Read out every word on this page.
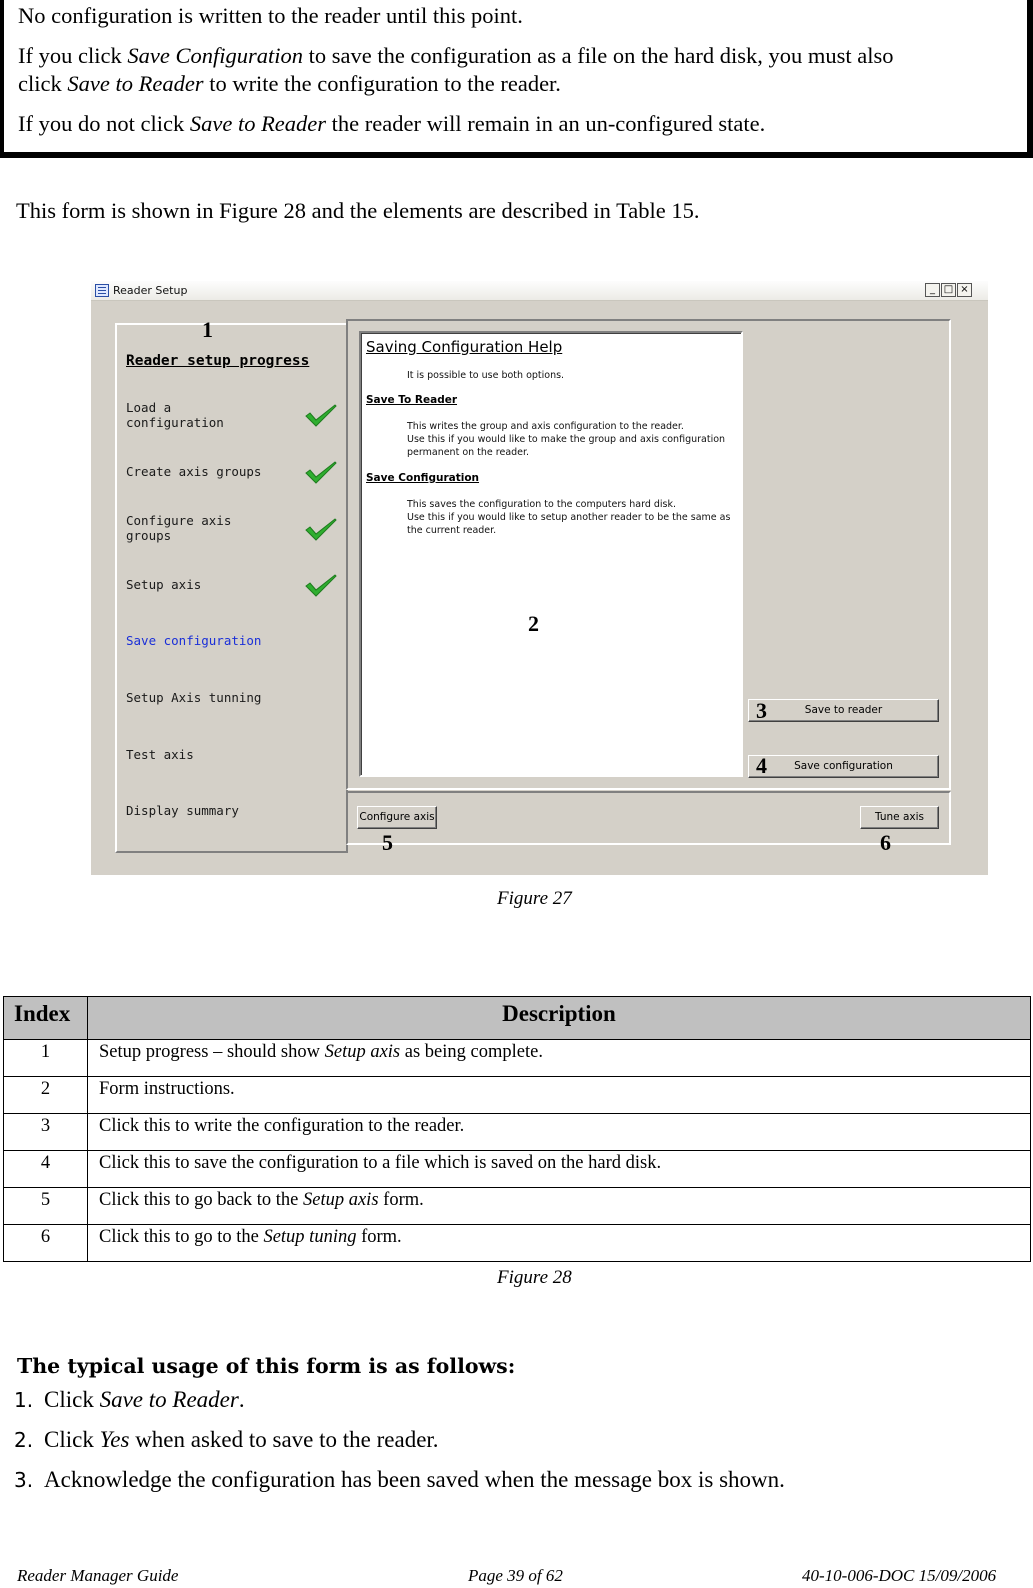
No configuration is written to the reader until this point.

If you click Save Configuration to save the configuration as a file on the hard disk, you must also
click Save to Reader to write the configuration to the reader.

If you do not click Save to Reader the reader will remain in an un-configured state.

This form is shown in Figure 28 and the elements are described in Table 15.
Reader Setup	_ □ ×
1
Reader setup progress
Load a
configuration
Create axis groups
Configure axis
groups
Setup axis
Save configuration
Setup Axis tunning
Test axis
Display summary
Saving Configuration Help
It is possible to use both options.
Save To Reader
This writes the group and axis configuration to the reader.
Use this if you would like to make the group and axis configuration
permanent on the reader.
Save Configuration
This saves the configuration to the computers hard disk.
Use this if you would like to setup another reader to be the same as
the current reader.
2
Save to reader
3
Save configuration
4
Configure axis	Tune axis
5	6
Figure 27
Index	Description
1	Setup progress – should show Setup axis as being complete.
2	Form instructions.
3	Click this to write the configuration to the reader.
4	Click this to save the configuration to a file which is saved on the hard disk.
5	Click this to go back to the Setup axis form.
6	Click this to go to the Setup tuning form.
Figure 28
The typical usage of this form is as follows:
1. Click Save to Reader.
2. Click Yes when asked to save to the reader.
3. Acknowledge the configuration has been saved when the message box is shown.
Reader Manager Guide	Page 39 of 62	40-10-006-DOC 15/09/2006
